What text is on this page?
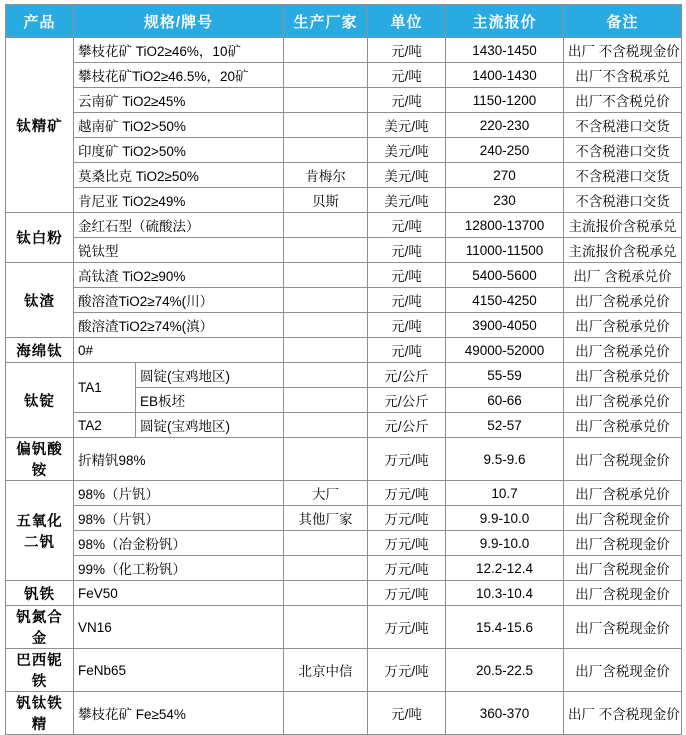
产品	规格/牌号		生产厂家	单位	主流报价	备注
钛精矿	攀枝花矿 TiO2≥46%，10矿			元/吨	1430-1450	出厂 不含税现金价
	攀枝花矿TiO2≥46.5%，20矿			元/吨	1400-1430	出厂不含税承兑
	云南矿 TiO2≥45%			元/吨	1150-1200	出厂不含税兑价
	越南矿 TiO2>50%			美元/吨	220-230	不含税港口交货
	印度矿 TiO2>50%			美元/吨	240-250	不含税港口交货
	莫桑比克 TiO2≥50%		肯梅尔	美元/吨	270	不含税港口交货
	肯尼亚 TiO2≥49%		贝斯	美元/吨	230	不含税港口交货
钛白粉	金红石型（硫酸法）			元/吨	12800-13700	主流报价含税承兑
	锐钛型			元/吨	11000-11500	主流报价含税承兑
钛渣	高钛渣 TiO2≥90%			元/吨	5400-5600	出厂 含税承兑价
	酸溶渣TiO2≥74%(川）			元/吨	4150-4250	出厂含税承兑价
	酸溶渣TiO2≥74%(滇）			元/吨	3900-4050	出厂含税承兑价
海绵钛	0#			元/吨	49000-52000	出厂含税承兑价
钛锭	TA1	圆锭(宝鸡地区)		元/公斤	55-59	出厂含税承兑价
		EB板坯		元/公斤	60-66	出厂含税承兑价
	TA2	圆锭(宝鸡地区)		元/公斤	52-57	出厂含税承兑价
偏钒酸铵	折精钒98%			万元/吨	9.5-9.6	出厂含税现金价
五氧化二钒	98%（片钒）		大厂	万元/吨	10.7	出厂含税承兑价
	98%（片钒）		其他厂家	万元/吨	9.9-10.0	出厂含税现金价
	98%（冶金粉钒）			万元/吨	9.9-10.0	出厂含税现金价
	99%（化工粉钒）			万元/吨	12.2-12.4	出厂含税现金价
钒铁	FeV50			万元/吨	10.3-10.4	出厂含税现金价
钒氮合金	VN16			万元/吨	15.4-15.6	出厂含税现金价
巴西铌铁	FeNb65		北京中信	万元/吨	20.5-22.5	出厂含税现金价
钒钛铁精	攀枝花矿 Fe≥54%			元/吨	360-370	出厂 不含税现金价
